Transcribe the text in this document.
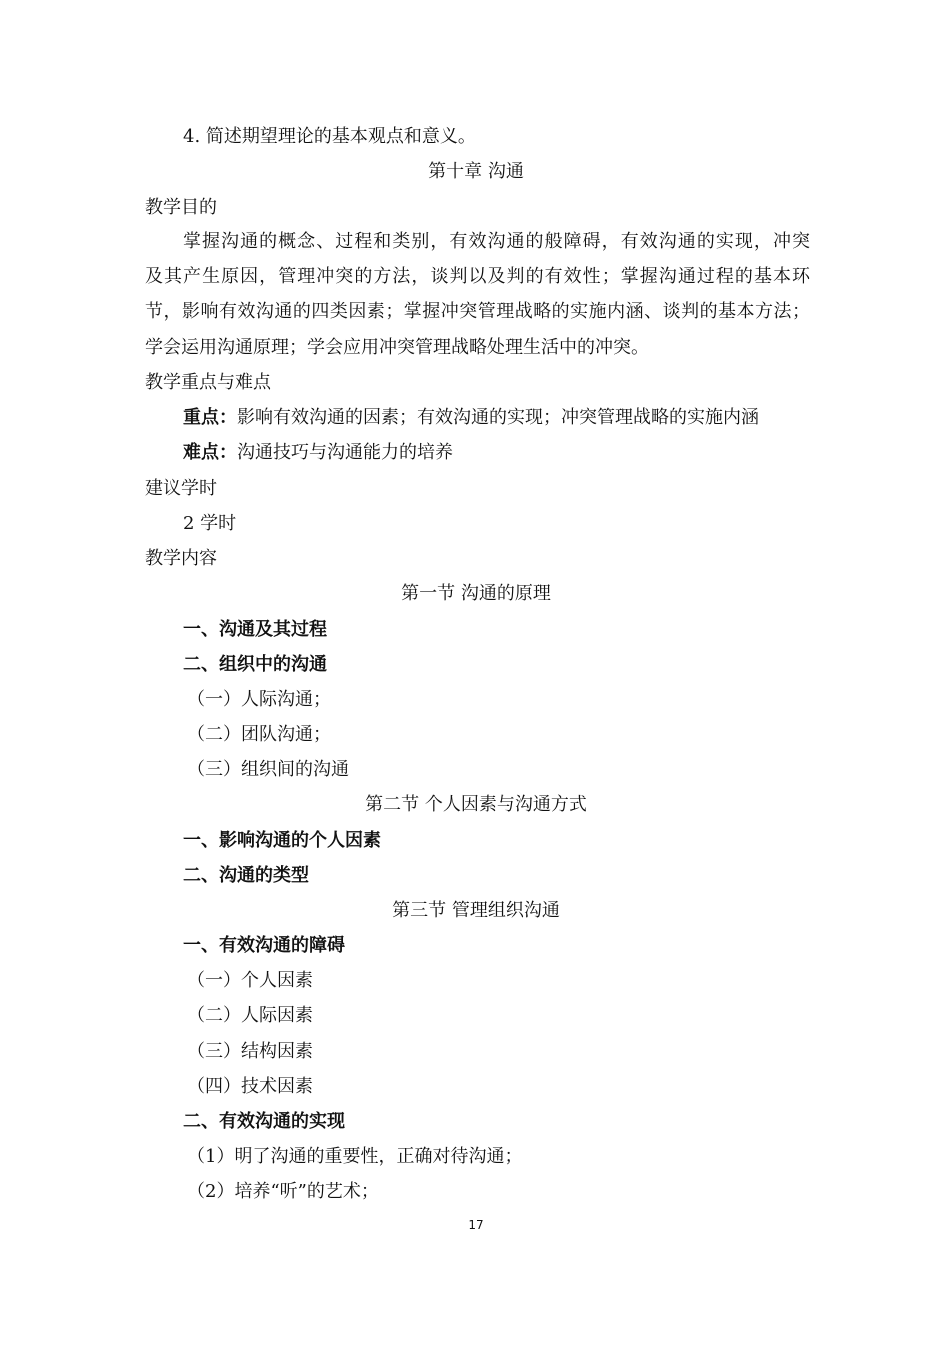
4. 简述期望理论的基本观点和意义。
第十章 沟通
教学目的

掌握沟通的概念、过程和类别，有效沟通的般障碍，有效沟通的实现，冲突

及其产生原因，管理冲突的方法，谈判以及判的有效性；掌握沟通过程的基本环

节，影响有效沟通的四类因素；掌握冲突管理战略的实施内涵、谈判的基本方法；

学会运用沟通原理；学会应用冲突管理战略处理生活中的冲突。

教学重点与难点
重点：影响有效沟通的因素；有效沟通的实现；冲突管理战略的实施内涵
难点：沟通技巧与沟通能力的培养
建议学时
2 学时
教学内容
第一节 沟通的原理
一、沟通及其过程
二、组织中的沟通
（一）人际沟通；
（二）团队沟通；
（三）组织间的沟通
第二节 个人因素与沟通方式
一、影响沟通的个人因素
二、沟通的类型
第三节 管理组织沟通
一、有效沟通的障碍
（一）个人因素
（二）人际因素
（三）结构因素
（四）技术因素
二、有效沟通的实现
（1）明了沟通的重要性，正确对待沟通；
（2）培养“听”的艺术；
17
